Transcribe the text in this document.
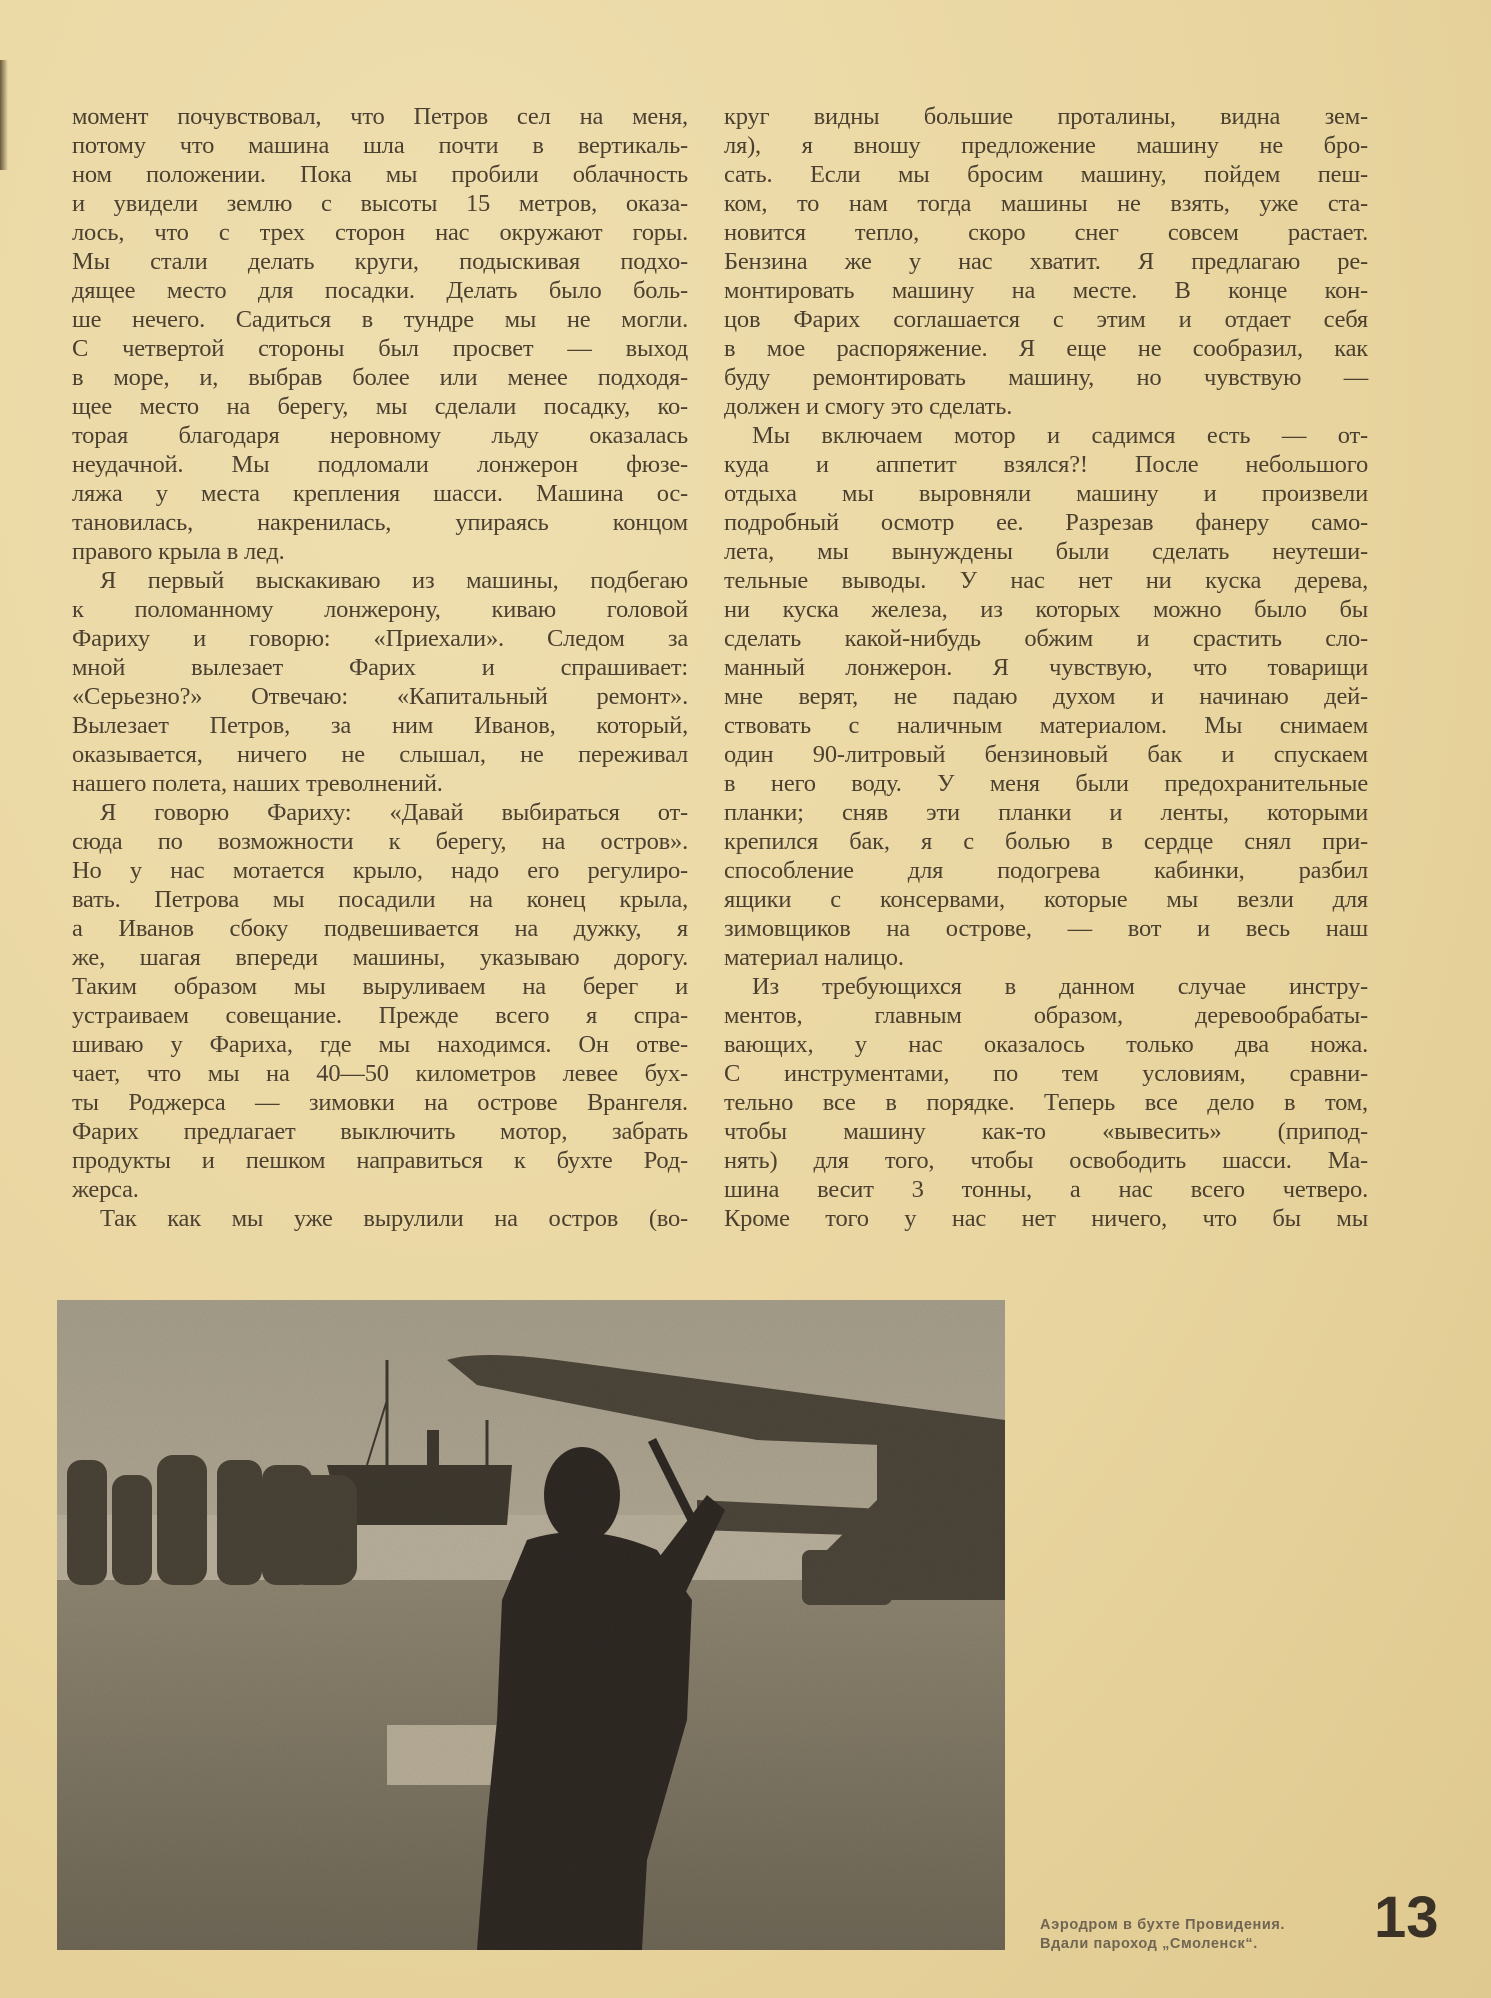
момент почувствовал, что Петров сел на меня,
потому что машина шла почти в вертикаль-
ном положении. Пока мы пробили облачность
и увидели землю с высоты 15 метров, оказа-
лось, что с трех сторон нас окружают горы.
Мы стали делать круги, подыскивая подхо-
дящее место для посадки. Делать было боль-
ше нечего. Садиться в тундре мы не могли.
С четвертой стороны был просвет — выход
в море, и, выбрав более или менее подходя-
щее место на берегу, мы сделали посадку, ко-
торая благодаря неровному льду оказалась
неудачной. Мы подломали лонжерон фюзе-
ляжа у места крепления шасси. Машина ос-
тановилась, накренилась, упираясь концом
правого крыла в лед.
Я первый выскакиваю из машины, подбегаю
к поломанному лонжерону, киваю головой
Фариху и говорю: «Приехали». Следом за
мной вылезает Фарих и спрашивает:
«Серьезно?» Отвечаю: «Капитальный ремонт».
Вылезает Петров, за ним Иванов, который,
оказывается, ничего не слышал, не переживал
нашего полета, наших треволнений.
Я говорю Фариху: «Давай выбираться от-
сюда по возможности к берегу, на остров».
Но у нас мотается крыло, надо его регулиро-
вать. Петрова мы посадили на конец крыла,
а Иванов сбоку подвешивается на дужку, я
же, шагая впереди машины, указываю дорогу.
Таким образом мы выруливаем на берег и
устраиваем совещание. Прежде всего я спра-
шиваю у Фариха, где мы находимся. Он отве-
чает, что мы на 40—50 километров левее бух-
ты Роджерса — зимовки на острове Врангеля.
Фарих предлагает выключить мотор, забрать
продукты и пешком направиться к бухте Род-
жерса.
Так как мы уже вырулили на остров (во-
круг видны большие проталины, видна зем-
ля), я вношу предложение машину не бро-
сать. Если мы бросим машину, пойдем пеш-
ком, то нам тогда машины не взять, уже ста-
новится тепло, скоро снег совсем растает.
Бензина же у нас хватит. Я предлагаю ре-
монтировать машину на месте. В конце кон-
цов Фарих соглашается с этим и отдает себя
в мое распоряжение. Я еще не сообразил, как
буду ремонтировать машину, но чувствую —
должен и смогу это сделать.
Мы включаем мотор и садимся есть — от-
куда и аппетит взялся?! После небольшого
отдыха мы выровняли машину и произвели
подробный осмотр ее. Разрезав фанеру само-
лета, мы вынуждены были сделать неутеши-
тельные выводы. У нас нет ни куска дерева,
ни куска железа, из которых можно было бы
сделать какой-нибудь обжим и срастить сло-
манный лонжерон. Я чувствую, что товарищи
мне верят, не падаю духом и начинаю дей-
ствовать с наличным материалом. Мы снимаем
один 90-литровый бензиновый бак и спускаем
в него воду. У меня были предохранительные
планки; сняв эти планки и ленты, которыми
крепился бак, я с болью в сердце снял при-
способление для подогрева кабинки, разбил
ящики с консервами, которые мы везли для
зимовщиков на острове, — вот и весь наш
материал налицо.
Из требующихся в данном случае инстру-
ментов, главным образом, деревообрабаты-
вающих, у нас оказалось только два ножа.
С инструментами, по тем условиям, сравни-
тельно все в порядке. Теперь все дело в том,
чтобы машину как-то «вывесить» (припод-
нять) для того, чтобы освободить шасси. Ма-
шина весит 3 тонны, а нас всего четверо.
Кроме того у нас нет ничего, что бы мы
Аэродром в бухте Провидения.
Вдали пароход „Смоленск“.	13
